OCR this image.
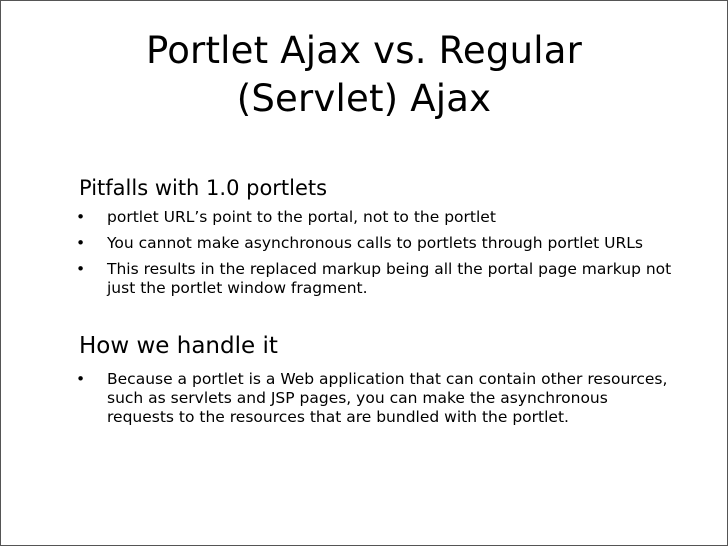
Portlet Ajax vs. Regular
(Servlet) Ajax
Pitfalls with 1.0 portlets
• portlet URL’s point to the portal, not to the portlet
• You cannot make asynchronous calls to portlets through portlet URLs
• This results in the replaced markup being all the portal page markup not just the portlet window fragment.
How we handle it
• Because a portlet is a Web application that can contain other resources, such as servlets and JSP pages, you can make the asynchronous requests to the resources that are bundled with the portlet.
